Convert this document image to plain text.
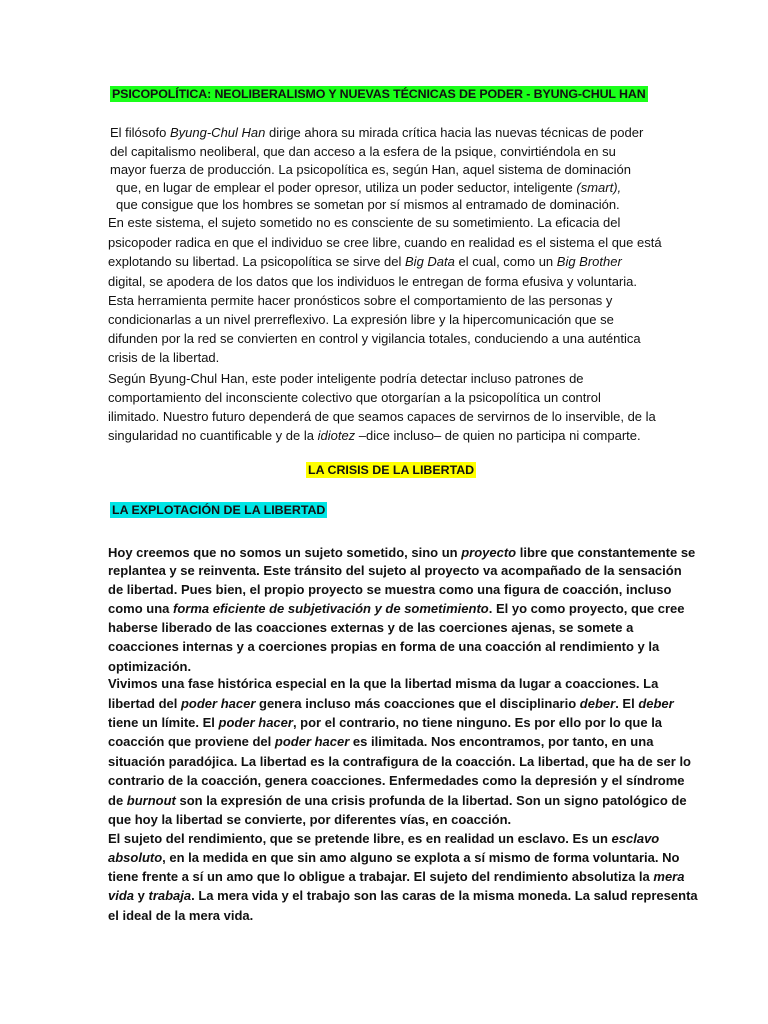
PSICOPOLÍTICA: NEOLIBERALISMO Y NUEVAS TÉCNICAS DE PODER - BYUNG-CHUL HAN
El filósofo Byung-Chul Han dirige ahora su mirada crítica hacia las nuevas técnicas de poder
del capitalismo neoliberal, que dan acceso a la esfera de la psique, convirtiéndola en su
mayor fuerza de producción. La psicopolítica es, según Han, aquel sistema de dominación
que, en lugar de emplear el poder opresor, utiliza un poder seductor, inteligente (smart),
que consigue que los hombres se sometan por sí mismos al entramado de dominación.
En este sistema, el sujeto sometido no es consciente de su sometimiento. La eficacia del
psicopoder radica en que el individuo se cree libre, cuando en realidad es el sistema el que está
explotando su libertad. La psicopolítica se sirve del Big Data el cual, como un Big Brother
digital, se apodera de los datos que los individuos le entregan de forma efusiva y voluntaria.
Esta herramienta permite hacer pronósticos sobre el comportamiento de las personas y
condicionarlas a un nivel prerreflexivo. La expresión libre y la hipercomunicación que se
difunden por la red se convierten en control y vigilancia totales, conduciendo a una auténtica
crisis de la libertad.
Según Byung-Chul Han, este poder inteligente podría detectar incluso patrones de
comportamiento del inconsciente colectivo que otorgarían a la psicopolítica un control
ilimitado. Nuestro futuro dependerá de que seamos capaces de servirnos de lo inservible, de la
singularidad no cuantificable y de la idiotez –dice incluso– de quien no participa ni comparte.
LA CRISIS DE LA LIBERTAD
LA EXPLOTACIÓN DE LA LIBERTAD
Hoy creemos que no somos un sujeto sometido, sino un proyecto libre que constantemente se
replantea y se reinventa. Este tránsito del sujeto al proyecto va acompañado de la sensación
de libertad. Pues bien, el propio proyecto se muestra como una figura de coacción, incluso
como una forma eficiente de subjetivación y de sometimiento. El yo como proyecto, que cree
haberse liberado de las coacciones externas y de las coerciones ajenas, se somete a
coacciones internas y a coerciones propias en forma de una coacción al rendimiento y la
optimización.
Vivimos una fase histórica especial en la que la libertad misma da lugar a coacciones. La
libertad del poder hacer genera incluso más coacciones que el disciplinario deber. El deber
tiene un límite. El poder hacer, por el contrario, no tiene ninguno. Es por ello por lo que la
coacción que proviene del poder hacer es ilimitada. Nos encontramos, por tanto, en una
situación paradójica. La libertad es la contrafigura de la coacción. La libertad, que ha de ser lo
contrario de la coacción, genera coacciones. Enfermedades como la depresión y el síndrome
de burnout son la expresión de una crisis profunda de la libertad. Son un signo patológico de
que hoy la libertad se convierte, por diferentes vías, en coacción.
El sujeto del rendimiento, que se pretende libre, es en realidad un esclavo. Es un esclavo
absoluto, en la medida en que sin amo alguno se explota a sí mismo de forma voluntaria. No
tiene frente a sí un amo que lo obligue a trabajar. El sujeto del rendimiento absolutiza la mera
vida y trabaja. La mera vida y el trabajo son las caras de la misma moneda. La salud representa
el ideal de la mera vida.
